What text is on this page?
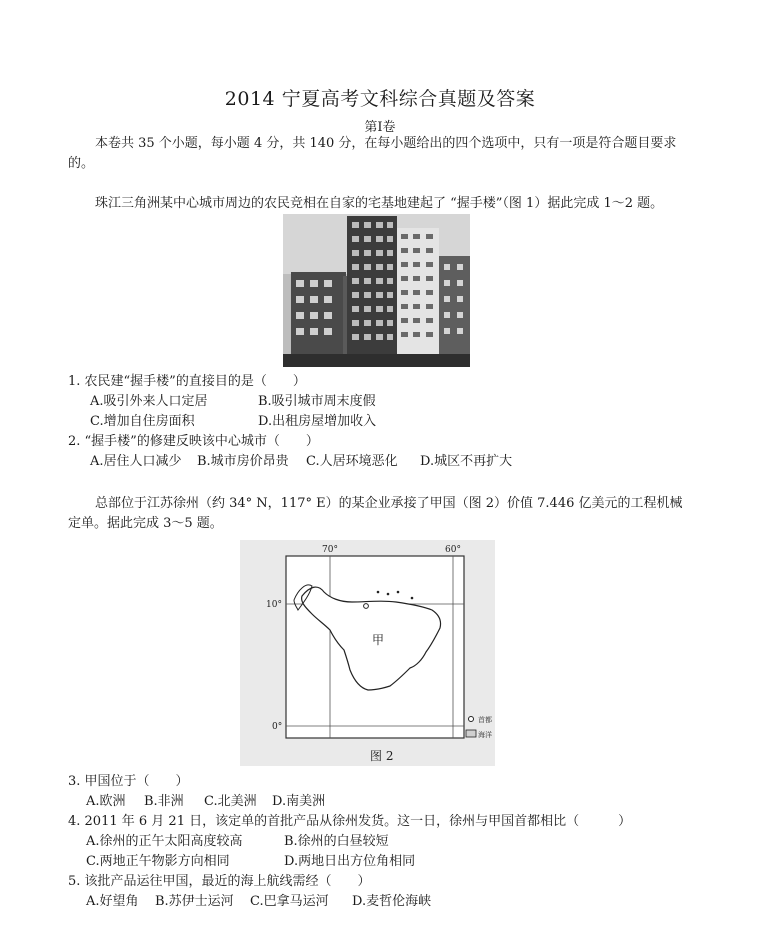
2014 宁夏高考文科综合真题及答案
第Ⅰ卷
本卷共 35 个小题，每小题 4 分，共 140 分，在每小题给出的四个选项中，只有一项是符合题目要求
的。
珠江三角洲某中心城市周边的农民竞相在自家的宅基地建起了 “握手楼”（图 1）据此完成 1～2 题。
1. 农民建“握手楼”的直接目的是（　　）
A.吸引外来人口定居	B.吸引城市周末度假
C.增加自住房面积	D.出租房屋增加收入
2. “握手楼”的修建反映该中心城市（　　）
A.居住人口减少 B.城市房价昂贵 C.人居环境恶化 D.城区不再扩大
总部位于江苏徐州（约 34° N，117° E）的某企业承接了甲国（图 2）价值 7.446 亿美元的工程机械
定单。据此完成 3～5 题。
70°	60°
10°
0°
甲
首都
海洋
图 2
3. 甲国位于（　　）
A.欧洲 B.非洲 C.北美洲 D.南美洲
4. 2011 年 6 月 21 日，该定单的首批产品从徐州发货。这一日，徐州与甲国首都相比（　　　）
A.徐州的正午太阳高度较高	B.徐州的白昼较短
C.两地正午物影方向相同	D.两地日出方位角相同
5. 该批产品运往甲国，最近的海上航线需经（　　）
A.好望角 B.苏伊士运河 C.巴拿马运河 D.麦哲伦海峡
